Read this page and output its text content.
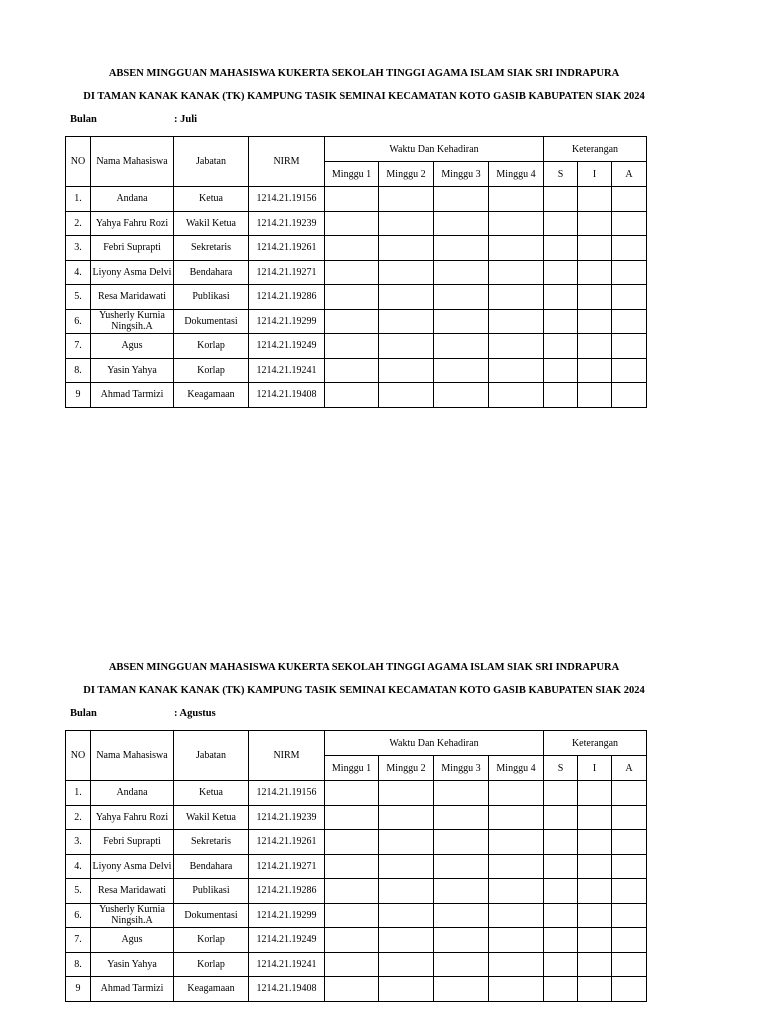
ABSEN MINGGUAN MAHASISWA KUKERTA SEKOLAH TINGGI AGAMA ISLAM SIAK SRI INDRAPURA
DI TAMAN KANAK KANAK (TK) KAMPUNG TASIK SEMINAI KECAMATAN KOTO GASIB KABUPATEN SIAK 2024
Bulan	: Juli
NO	Nama Mahasiswa	Jabatan	NIRM	Waktu Dan Kehadiran				Keterangan		
				Minggu 1	Minggu 2	Minggu 3	Minggu 4	S	I	A
1.	Andana	Ketua	1214.21.19156							
2.	Yahya Fahru Rozi	Wakil Ketua	1214.21.19239							
3.	Febri Suprapti	Sekretaris	1214.21.19261							
4.	Liyony Asma Delvi	Bendahara	1214.21.19271							
5.	Resa Maridawati	Publikasi	1214.21.19286							
6.	Yusherly Kurnia Ningsih.A	Dokumentasi	1214.21.19299							
7.	Agus	Korlap	1214.21.19249							
8.	Yasin Yahya	Korlap	1214.21.19241							
9	Ahmad Tarmizi	Keagamaan	1214.21.19408							
ABSEN MINGGUAN MAHASISWA KUKERTA SEKOLAH TINGGI AGAMA ISLAM SIAK SRI INDRAPURA
DI TAMAN KANAK KANAK (TK) KAMPUNG TASIK SEMINAI KECAMATAN KOTO GASIB KABUPATEN SIAK 2024
Bulan	: Agustus
NO	Nama Mahasiswa	Jabatan	NIRM	Waktu Dan Kehadiran				Keterangan		
				Minggu 1	Minggu 2	Minggu 3	Minggu 4	S	I	A
1.	Andana	Ketua	1214.21.19156							
2.	Yahya Fahru Rozi	Wakil Ketua	1214.21.19239							
3.	Febri Suprapti	Sekretaris	1214.21.19261							
4.	Liyony Asma Delvi	Bendahara	1214.21.19271							
5.	Resa Maridawati	Publikasi	1214.21.19286							
6.	Yusherly Kurnia Ningsih.A	Dokumentasi	1214.21.19299							
7.	Agus	Korlap	1214.21.19249							
8.	Yasin Yahya	Korlap	1214.21.19241							
9	Ahmad Tarmizi	Keagamaan	1214.21.19408							
